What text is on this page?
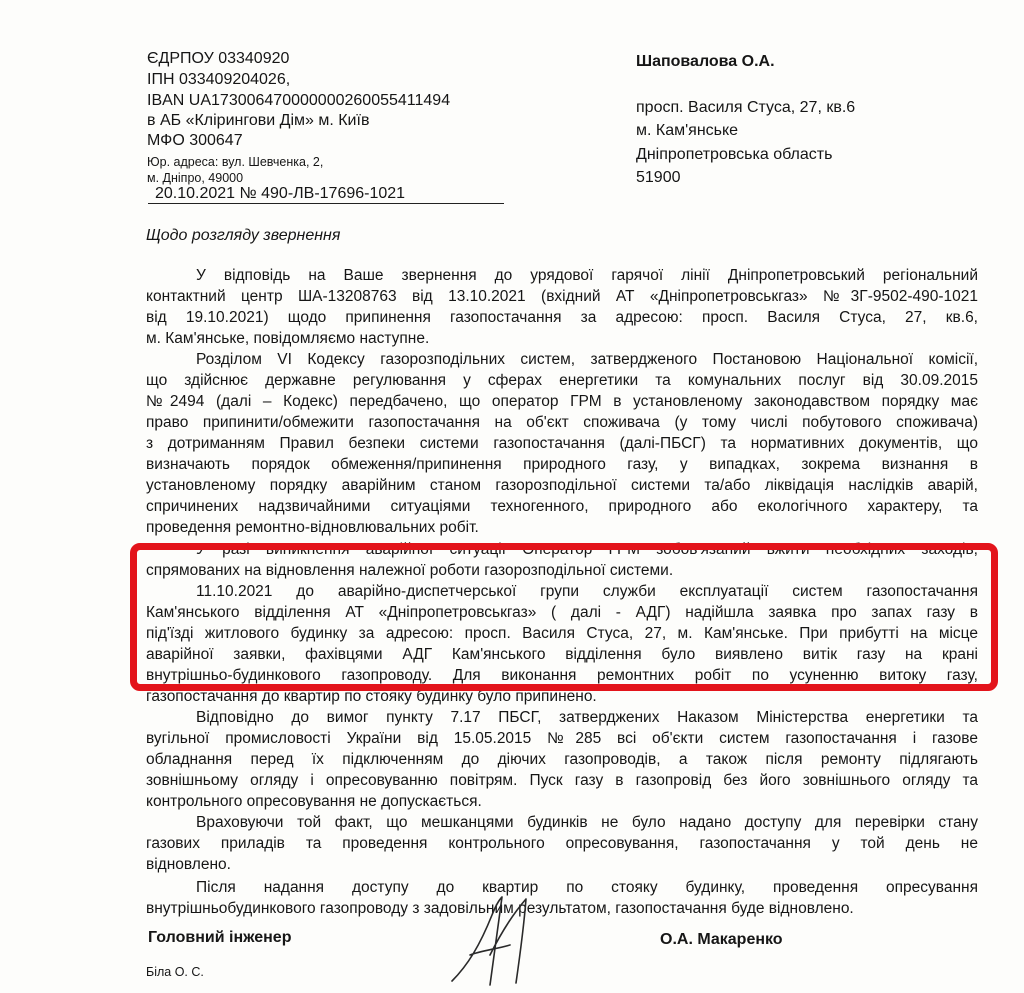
ЄДРПОУ 03340920
ІПН 033409204026,
IBAN UA173006470000000260055411494
в АБ «Клірингови Дім» м. Київ
МФО 300647
Юр. адреса: вул. Шевченка, 2,
м. Дніпро, 49000
20.10.2021 № 490-ЛВ-17696-1021
Шаповалова О.А.
просп. Василя Стуса, 27, кв.6
м. Кам'янське
Дніпропетровська область
51900
Щодо розгляду звернення
У відповідь на Ваше звернення до урядової гарячої лінії Дніпропетровський регіональний
контактний центр ША-13208763 від 13.10.2021 (вхідний АТ «Дніпропетровськгаз» №3Г-9502-490-1021
від 19.10.2021) щодо припинення газопостачання за адресою: просп. Василя Стуса, 27, кв.6,
м. Кам'янське, повідомляємо наступне.
Розділом VI Кодексу газорозподільних систем, затвердженого Постановою Національної комісії,
що здійснює державне регулювання у сферах енергетики та комунальних послуг від 30.09.2015
№2494 (далі – Кодекс) передбачено, що оператор ГРМ в установленому законодавством порядку має
право припинити/обмежити газопостачання на об'єкт споживача (у тому числі побутового споживача)
з дотриманням Правил безпеки системи газопостачання (далі-ПБСГ) та нормативних документів, що
визначають порядок обмеження/припинення природного газу, у випадках, зокрема визнання в
установленому порядку аварійним станом газорозподільної системи та/або ліквідація наслідків аварій,
спричинених надзвичайними ситуаціями техногенного, природного або екологічного характеру, та
проведення ремонтно-відновлювальних робіт.
У разі виникнення аварійної ситуації Оператор ГРМ зобов'язаний вжити необхідних заходів,
спрямованих на відновлення належної роботи газорозподільної системи.
11.10.2021 до аварійно-диспетчерської групи служби експлуатації систем газопостачання
Кам'янського відділення АТ «Дніпропетровськгаз» ( далі - АДГ) надійшла заявка про запах газу в
під'їзді житлового будинку за адресою: просп. Василя Стуса, 27, м. Кам'янське. При прибутті на місце
аварійної заявки, фахівцями АДГ Кам'янського відділення було виявлено витік газу на крані
внутрішньо-будинкового газопроводу. Для виконання ремонтних робіт по усуненню витоку газу,
газопостачання до квартир по стояку будинку було припинено.
Відповідно до вимог пункту 7.17 ПБСГ, затверджених Наказом Міністерства енергетики та
вугільної промисловості України від 15.05.2015 №285 всі об'єкти систем газопостачання і газове
обладнання перед їх підключенням до діючих газопроводів, а також після ремонту підлягають
зовнішньому огляду і опресовуванню повітрям. Пуск газу в газопровід без його зовнішнього огляду та
контрольного опресовування не допускається.
Враховуючи той факт, що мешканцями будинків не було надано доступу для перевірки стану
газових приладів та проведення контрольного опресовування, газопостачання у той день не
відновлено.
Після надання доступу до квартир по стояку будинку, проведення опресування
внутрішньобудинкового газопроводу з задовільним результатом, газопостачання буде відновлено.
Головний інженер	О.А. Макаренко
Біла О. С.
